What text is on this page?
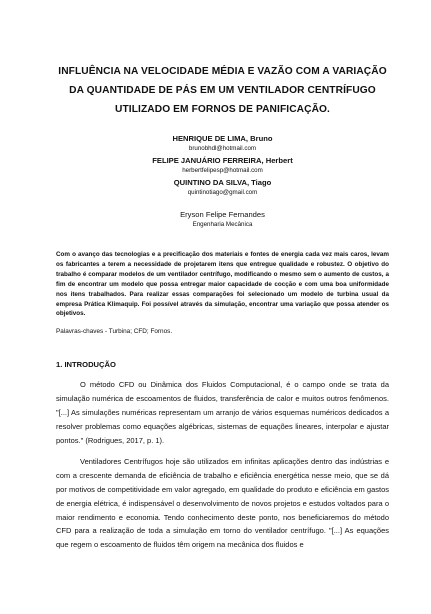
INFLUÊNCIA NA VELOCIDADE MÉDIA E VAZÃO COM A VARIAÇÃO
DA QUANTIDADE DE PÁS EM UM VENTILADOR CENTRÍFUGO
UTILIZADO EM FORNOS DE PANIFICAÇÃO.
HENRIQUE DE LIMA, Bruno
brunobhdl@hotmail.com
FELIPE JANUÁRIO FERREIRA, Herbert
herbertfelipesp@hotmail.com
QUINTINO DA SILVA, Tiago
quintinotiago@gmail.com
Eryson Felipe Fernandes
Engenharia Mecânica
Com o avanço das tecnologias e a precificação dos materiais e fontes de energia cada vez mais caros, levam os fabricantes a terem a necessidade de projetarem itens que entregue qualidade e robustez. O objetivo do trabalho é comparar modelos de um ventilador centrífugo, modificando o mesmo sem o aumento de custos, a fim de encontrar um modelo que possa entregar maior capacidade de cocção e com uma boa uniformidade nos itens trabalhados. Para realizar essas comparações foi selecionado um modelo de turbina usual da empresa Prática Klimaquip. Foi possível através da simulação, encontrar uma variação que possa atender os objetivos.
Palavras-chaves - Turbina; CFD; Fornos.
1. INTRODUÇÃO

O método CFD ou Dinâmica dos Fluidos Computacional, é o campo onde se trata da simulação numérica de escoamentos de fluidos, transferência de calor e muitos outros fenômenos. "[...] As simulações numéricas representam um arranjo de vários esquemas numéricos dedicados a resolver problemas como equações algébricas, sistemas de equações lineares, interpolar e ajustar pontos." (Rodrigues, 2017, p. 1).

Ventiladores Centrífugos hoje são utilizados em infinitas aplicações dentro das indústrias e com a crescente demanda de eficiência de trabalho e eficiência energética nesse meio, que se dá por motivos de competitividade em valor agregado, em qualidade do produto e eficiência em gastos de energia elétrica, é indispensável o desenvolvimento de novos projetos e estudos voltados para o maior rendimento e economia. Tendo conhecimento deste ponto, nos beneficiaremos do método CFD para a realização de toda a simulação em torno do ventilador centrífugo. "[...] As equações que regem o escoamento de fluidos têm origem na mecânica dos fluidos e
